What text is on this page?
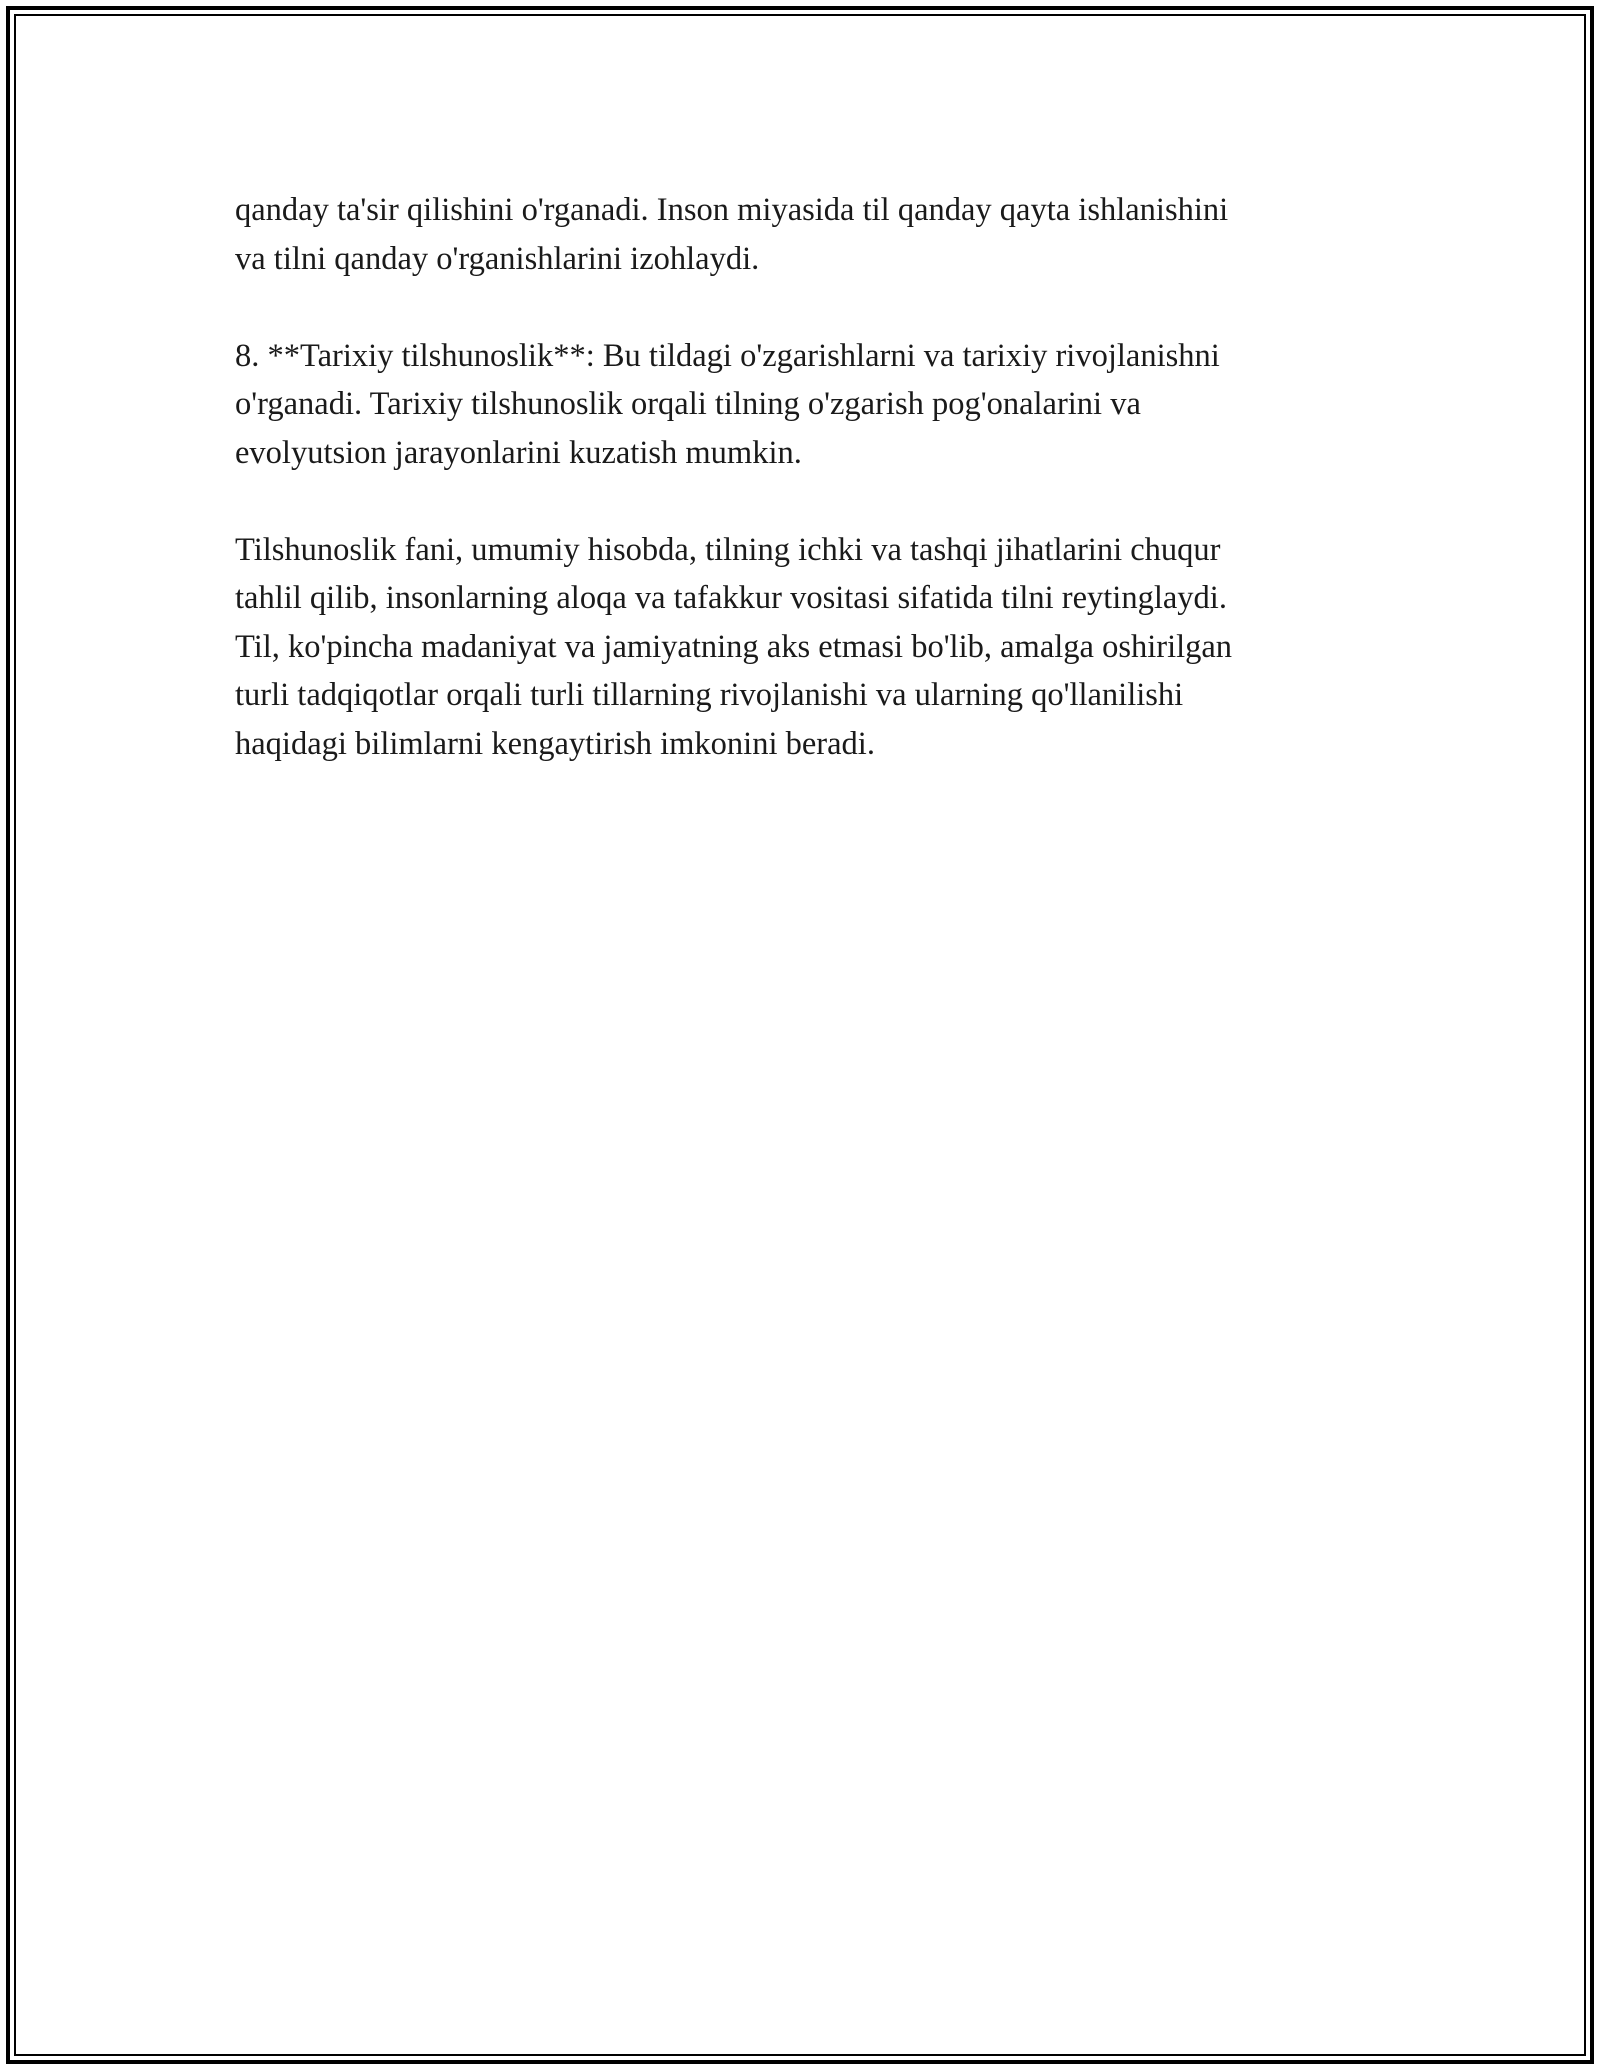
qanday ta'sir qilishini o'rganadi. Inson miyasida til qanday qayta ishlanishini
va tilni qanday o'rganishlarini izohlaydi.

8. **Tarixiy tilshunoslik**: Bu tildagi o'zgarishlarni va tarixiy rivojlanishni
o'rganadi. Tarixiy tilshunoslik orqali tilning o'zgarish pog'onalarini va
evolyutsion jarayonlarini kuzatish mumkin.

Tilshunoslik fani, umumiy hisobda, tilning ichki va tashqi jihatlarini chuqur
tahlil qilib, insonlarning aloqa va tafakkur vositasi sifatida tilni reytinglaydi.
Til, ko'pincha madaniyat va jamiyatning aks etmasi bo'lib, amalga oshirilgan
turli tadqiqotlar orqali turli tillarning rivojlanishi va ularning qo'llanilishi
haqidagi bilimlarni kengaytirish imkonini beradi.
